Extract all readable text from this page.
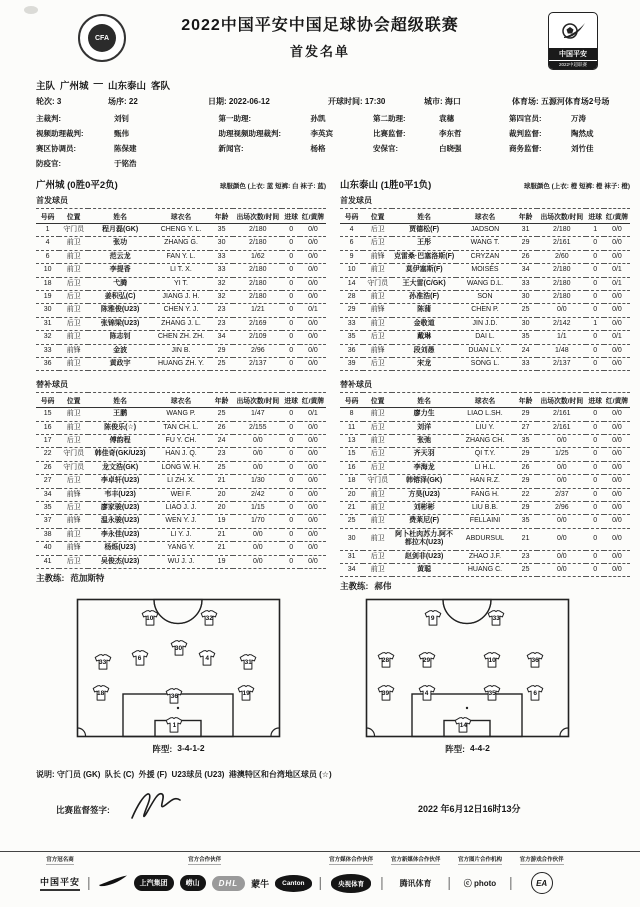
CFA
2022中国平安中国足球协会超级联赛
首发名单	中国平安
2022中超联赛
主队 广州城 — 山东泰山 客队
轮次: 3	场序: 22	日期: 2022-06-12	开球时间: 17:30	城市: 海口	体育场: 五源河体育场2号场
主裁判:	刘钊
视频助理裁判:	甄伟
赛区协调员:	陈保建
防疫官:	于铭浩
第一助理:	孙凯
助理视频助理裁判:	李英宾
新闻官:	杨格
第二助理:	袁穗
比赛监督:	李东哲
安保官:	白晓强
第四官员:	万涛
裁判监督:	陶然成
商务监督:	刘竹佳
广州城 (0胜0平2负)	球服颜色 (上衣: 蓝 短裤: 白 袜子: 蓝)
首发球员
号码	位置	姓名	球衣名	年龄	出场次数/时间	进球	红/黄牌
1	守门员	程月磊(GK)	CHENG Y. L.	35	2/180	0	0/0
4	前卫	张功	ZHANG G.	30	2/180	0	0/0
6	前卫	范云龙	FAN Y. L.	33	1/62	0	0/0
10	前卫	李提香	LI T. X.	33	2/180	0	0/0
18	后卫	弋腾	YI T.	32	2/180	0	0/0
19	后卫	姜积弘(C)	JIANG J. H.	32	2/180	0	0/0
30	前卫	陈雅俊(U23)	CHEN Y. J.	23	1/21	0	0/1
31	后卫	张锦梁(U23)	ZHANG J. L.	23	2/169	0	0/0
32	前卫	陈志钊	CHEN ZH. ZH.	34	2/109	0	0/0
33	前锋	金波	JIN B.	29	2/96	0	0/0
36	前卫	黄政宇	HUANG ZH. Y.	25	2/137	0	0/0
替补球员
号码	位置	姓名	球衣名	年龄	出场次数/时间	进球	红/黄牌
15	前卫	王鹏	WANG P.	25	1/47	0	0/1
16	前卫	陈俊乐(☆)	TAN CH. L.	26	2/155	0	0/0
17	后卫	傅韵程	FU Y. CH.	24	0/0	0	0/0
22	守门员	韩佳奇(GK/U23)	HAN J. Q.	23	0/0	0	0/0
26	守门员	龙文浩(GK)	LONG W. H.	25	0/0	0	0/0
27	后卫	李卓轩(U23)	LI ZH. X.	21	1/30	0	0/0
34	前锋	韦丰(U23)	WEI F.	20	2/42	0	0/0
35	后卫	廖家骏(U23)	LIAO J. J.	20	1/15	0	0/0
37	前锋	温永骏(U23)	WEN Y. J.	19	1/70	0	0/0
38	前卫	李永佳(U23)	LI Y. J.	21	0/0	0	0/0
40	前锋	杨烁(U23)	YANG Y.	21	0/0	0	0/0
41	后卫	吴俊杰(U23)	WU J. J.	19	0/0	0	0/0
主教练: 范加斯特
山东泰山 (1胜0平1负)	球服颜色 (上衣: 橙 短裤: 橙 袜子: 橙)
首发球员
号码	位置	姓名	球衣名	年龄	出场次数/时间	进球	红/黄牌
4	后卫	贾德松(F)	JADSON	31	2/180	1	0/0
6	后卫	王彤	WANG T.	29	2/161	0	0/0
9	前锋	克雷桑·巴塞洛斯(F)	CRYZAN	26	2/60	0	0/0
10	前卫	莫伊塞斯(F)	MOISÉS	34	2/180	0	0/1
14	守门员	王大雷(C/GK)	WANG D.L.	33	2/180	0	0/1
28	前卫	孙准浩(F)	SON	30	2/180	0	0/0
29	前锋	陈蒲	CHEN P.	25	0/0	0	0/0
33	前卫	金敬道	JIN J.D.	30	2/142	1	0/0
35	后卫	戴琳	DAI L.	35	1/1	0	0/1
36	前锋	段刘愚	DUAN L.Y.	24	1/48	0	0/0
39	后卫	宋龙	SONG L.	33	2/137	0	0/0
替补球员
号码	位置	姓名	球衣名	年龄	出场次数/时间	进球	红/黄牌
8	前卫	廖力生	LIAO L.SH.	29	2/161	0	0/0
11	后卫	刘洋	LIU Y.	27	2/161	0	0/0
13	前卫	张弛	ZHANG CH.	35	0/0	0	0/0
15	后卫	齐天羽	QI T.Y.	29	1/25	0	0/0
16	后卫	李海龙	LI H.L.	26	0/0	0	0/0
18	守门员	韩镕泽(GK)	HAN R.Z.	29	0/0	0	0/0
20	前卫	方昊(U23)	FANG H.	22	2/37	0	0/0
21	前卫	刘彬彬	LIU B.B.	29	2/96	0	0/0
25	前卫	费莱尼(F)	FELLAINI	35	0/0	0	0/0
30	前卫	阿卜杜肉苏力.阿不都拉木(U23)	ABDURSUL	21	0/0	0	0/0
31	后卫	赵剑非(U23)	ZHAO J.F.	23	0/0	0	0/0
34	前卫	黄聪	HUANG C.	25	0/0	0	0/0
主教练: 郝伟
10	32
30
33
6	4
31
18	36	19
1
阵型: 3-4-1-2
9	33
28	29	10	36
39	4	35	6
14
阵型: 4-4-2
说明: 守门员 (GK)  队长 (C)  外援 (F)  U23球员 (U23)  港澳特区和台湾地区球员 (☆)
比赛监督签字:	2022 年6月12日16时13分
官方冠名商
中国平安 |
官方合作伙伴
上汽集团	崂山	DHL	蒙牛	Canton	|
官方媒体合作伙伴
央视体育	|
官方新媒体合作伙伴
腾讯体育 |
官方图片合作机构
ⓒ photo |
官方游戏合作伙伴
EA
